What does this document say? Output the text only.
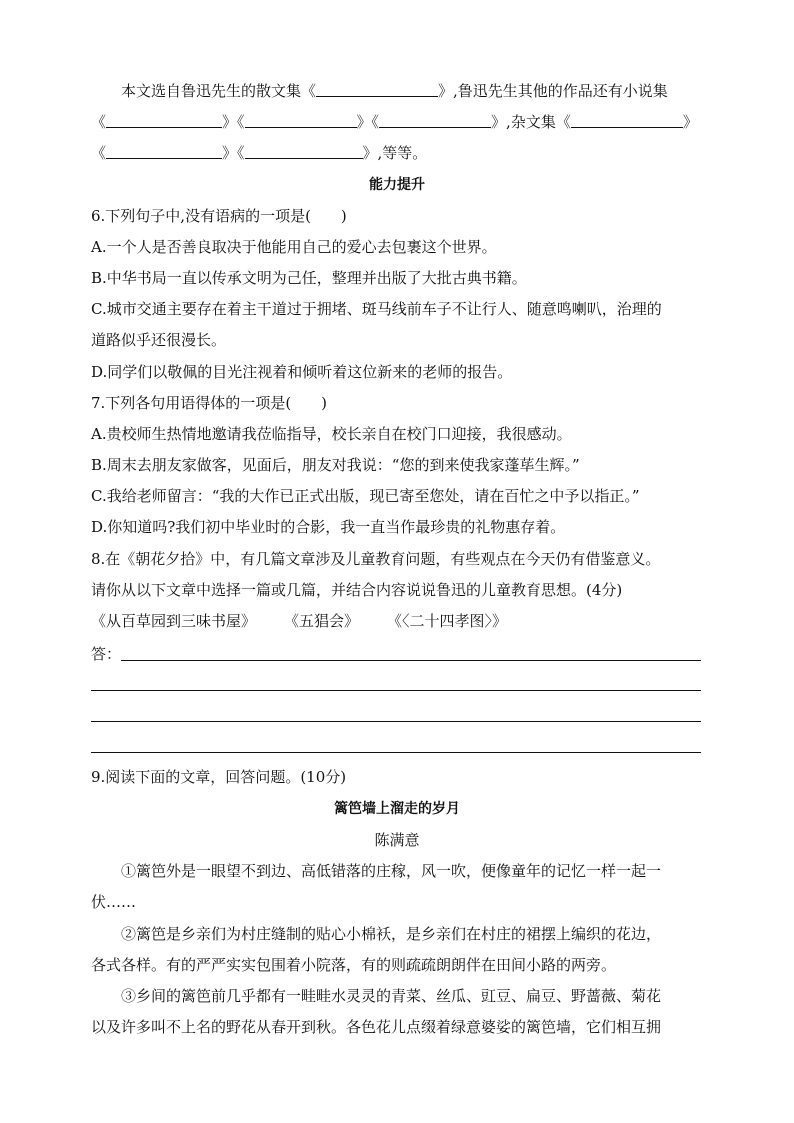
本文选自鲁迅先生的散文集《	》,鲁迅先生其他的作品还有小说集
《	》《	》《	》,杂文集《	》
《	》《	》,等等。
能力提升
6.下列句子中,没有语病的一项是(　　)
A.一个人是否善良取决于他能用自己的爱心去包裹这个世界。
B.中华书局一直以传承文明为己任，整理并出版了大批古典书籍。
C.城市交通主要存在着主干道过于拥堵、斑马线前车子不让行人、随意鸣喇叭，治理的
道路似乎还很漫长。
D.同学们以敬佩的目光注视着和倾听着这位新来的老师的报告。
7.下列各句用语得体的一项是(　　)
A.贵校师生热情地邀请我莅临指导，校长亲自在校门口迎接，我很感动。
B.周末去朋友家做客，见面后，朋友对我说：“您的到来使我家蓬荜生辉。”
C.我给老师留言：“我的大作已正式出版，现已寄至您处，请在百忙之中予以指正。”
D.你知道吗?我们初中毕业时的合影，我一直当作最珍贵的礼物惠存着。
8.在《朝花夕拾》中，有几篇文章涉及儿童教育问题，有些观点在今天仍有借鉴意义。
请你从以下文章中选择一篇或几篇，并结合内容说说鲁迅的儿童教育思想。(4分)
《从百草园到三味书屋》 《五猖会》 《〈二十四孝图〉》
答：
9.阅读下面的文章，回答问题。(10分)
篱笆墙上溜走的岁月
陈满意
①篱笆外是一眼望不到边、高低错落的庄稼，风一吹，便像童年的记忆一样一起一
伏……
②篱笆是乡亲们为村庄缝制的贴心小棉袄，是乡亲们在村庄的裙摆上编织的花边，
各式各样。有的严严实实包围着小院落，有的则疏疏朗朗伴在田间小路的两旁。
③乡间的篱笆前几乎都有一畦畦水灵灵的青菜、丝瓜、豇豆、扁豆、野蔷薇、菊花
以及许多叫不上名的野花从春开到秋。各色花儿点缀着绿意婆娑的篱笆墙，它们相互拥
